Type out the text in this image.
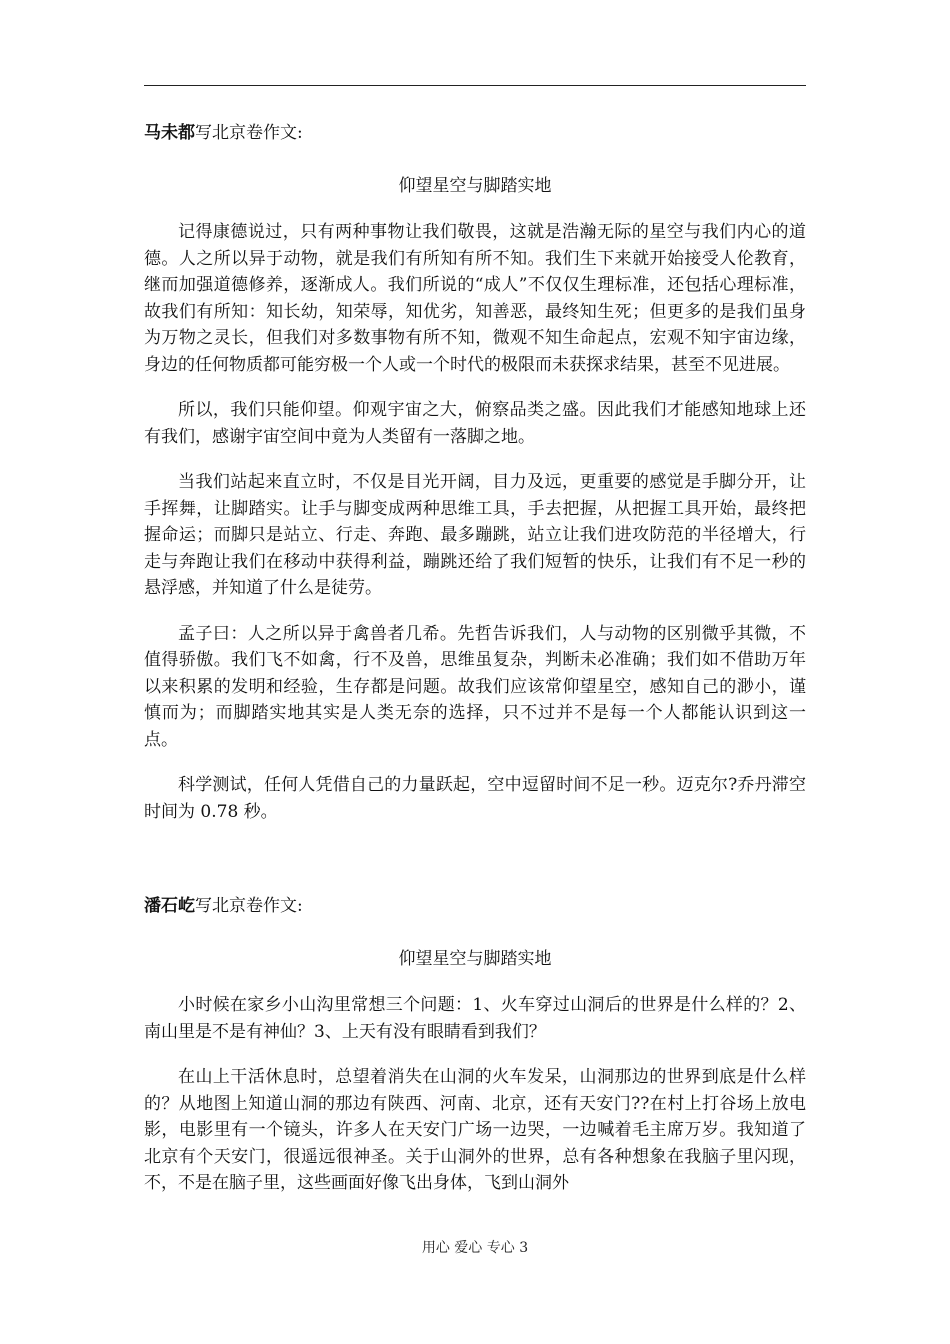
马未都写北京卷作文:

仰望星空与脚踏实地

记得康德说过，只有两种事物让我们敬畏，这就是浩瀚无际的星空与我们内心的道德。人之所以异于动物，就是我们有所知有所不知。我们生下来就开始接受人伦教育，继而加强道德修养，逐渐成人。我们所说的“成人”不仅仅生理标准，还包括心理标准，故我们有所知：知长幼，知荣辱，知优劣，知善恶，最终知生死；但更多的是我们虽身为万物之灵长，但我们对多数事物有所不知，微观不知生命起点，宏观不知宇宙边缘，身边的任何物质都可能穷极一个人或一个时代的极限而未获探求结果，甚至不见进展。

所以，我们只能仰望。仰观宇宙之大，俯察品类之盛。因此我们才能感知地球上还有我们，感谢宇宙空间中竟为人类留有一落脚之地。

当我们站起来直立时，不仅是目光开阔，目力及远，更重要的感觉是手脚分开，让手挥舞，让脚踏实。让手与脚变成两种思维工具，手去把握，从把握工具开始，最终把握命运；而脚只是站立、行走、奔跑、最多蹦跳，站立让我们进攻防范的半径增大，行走与奔跑让我们在移动中获得利益，蹦跳还给了我们短暂的快乐，让我们有不足一秒的悬浮感，并知道了什么是徒劳。

孟子曰：人之所以异于禽兽者几希。先哲告诉我们，人与动物的区别微乎其微，不值得骄傲。我们飞不如禽，行不及兽，思维虽复杂，判断未必准确；我们如不借助万年以来积累的发明和经验，生存都是问题。故我们应该常仰望星空，感知自己的渺小，谨慎而为；而脚踏实地其实是人类无奈的选择，只不过并不是每一个人都能认识到这一点。

科学测试，任何人凭借自己的力量跃起，空中逗留时间不足一秒。迈克尔?乔丹滞空时间为 0.78 秒。

潘石屹写北京卷作文:

仰望星空与脚踏实地

小时候在家乡小山沟里常想三个问题：1、火车穿过山洞后的世界是什么样的？2、南山里是不是有神仙？3、上天有没有眼睛看到我们？

在山上干活休息时，总望着消失在山洞的火车发呆，山洞那边的世界到底是什么样的？从地图上知道山洞的那边有陕西、河南、北京，还有天安门??在村上打谷场上放电影，电影里有一个镜头，许多人在天安门广场一边哭，一边喊着毛主席万岁。我知道了北京有个天安门，很遥远很神圣。关于山洞外的世界，总有各种想象在我脑子里闪现，不，不是在脑子里，这些画面好像飞出身体，飞到山洞外

用心 爱心 专心 3
